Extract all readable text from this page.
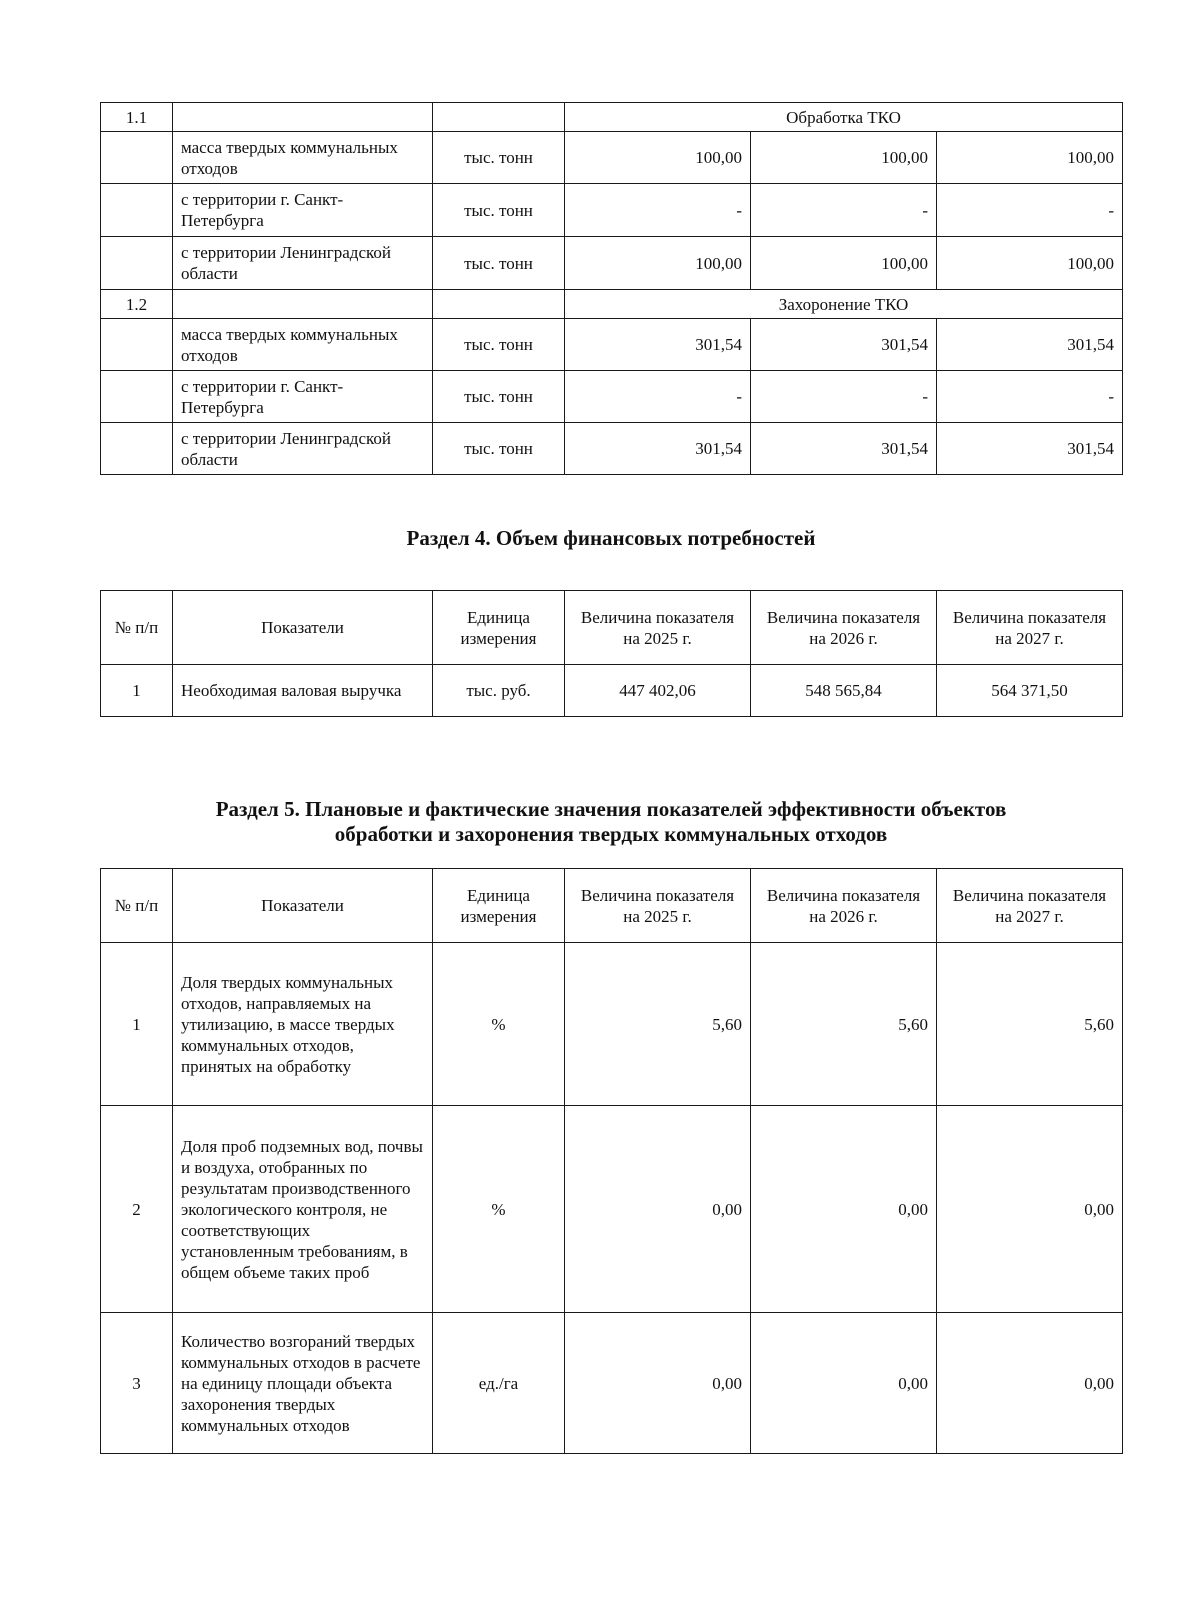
1.1			Обработка ТКО		
	масса твердых коммунальных отходов	тыс. тонн	100,00	100,00	100,00
	с территории г. Санкт-Петербурга	тыс. тонн	-	-	-
	с территории Ленинградской области	тыс. тонн	100,00	100,00	100,00
1.2			Захоронение ТКО		
	масса твердых коммунальных отходов	тыс. тонн	301,54	301,54	301,54
	с территории г. Санкт-Петербурга	тыс. тонн	-	-	-
	с территории Ленинградской области	тыс. тонн	301,54	301,54	301,54
Раздел 4. Объем финансовых потребностей
№ п/п	Показатели	Единица измерения	Величина показателя на 2025 г.	Величина показателя на 2026 г.	Величина показателя на 2027 г.
1	Необходимая валовая выручка	тыс. руб.	447 402,06	548 565,84	564 371,50
Раздел 5. Плановые и фактические значения показателей эффективности объектов
обработки и захоронения твердых коммунальных отходов
№ п/п	Показатели	Единица измерения	Величина показателя на 2025 г.	Величина показателя на 2026 г.	Величина показателя на 2027 г.
1	Доля твердых коммунальных отходов, направляемых на утилизацию, в массе твердых коммунальных отходов, принятых на обработку	%	5,60	5,60	5,60
2	Доля проб подземных вод, почвы и воздуха, отобранных по результатам производственного экологического контроля, не соответствующих установленным требованиям, в общем объеме таких проб	%	0,00	0,00	0,00
3	Количество возгораний твердых коммунальных отходов в расчете на единицу площади объекта захоронения твердых коммунальных отходов	ед./га	0,00	0,00	0,00
